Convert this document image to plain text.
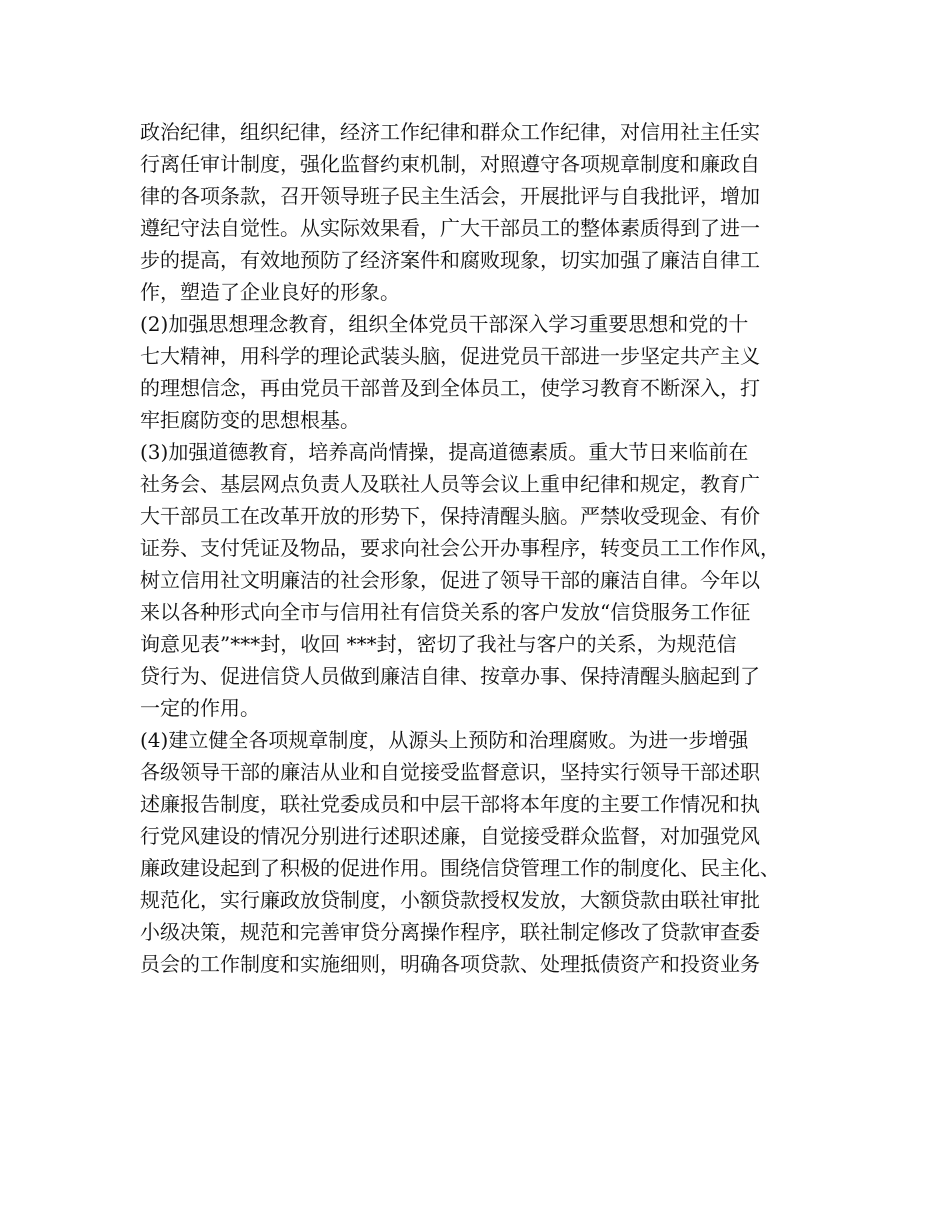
政治纪律，组织纪律，经济工作纪律和群众工作纪律，对信用社主任实
行离任审计制度，强化监督约束机制，对照遵守各项规章制度和廉政自
律的各项条款，召开领导班子民主生活会，开展批评与自我批评，增加
遵纪守法自觉性。从实际效果看，广大干部员工的整体素质得到了进一
步的提高，有效地预防了经济案件和腐败现象，切实加强了廉洁自律工
作，塑造了企业良好的形象。
(2)加强思想理念教育，组织全体党员干部深入学习重要思想和党的十
七大精神，用科学的理论武装头脑，促进党员干部进一步坚定共产主义
的理想信念，再由党员干部普及到全体员工，使学习教育不断深入，打
牢拒腐防变的思想根基。
(3)加强道德教育，培养高尚情操，提高道德素质。重大节日来临前在
社务会、基层网点负责人及联社人员等会议上重申纪律和规定，教育广
大干部员工在改革开放的形势下，保持清醒头脑。严禁收受现金、有价
证券、支付凭证及物品，要求向社会公开办事程序，转变员工工作作风，
树立信用社文明廉洁的社会形象，促进了领导干部的廉洁自律。今年以
来以各种形式向全市与信用社有信贷关系的客户发放“信贷服务工作征
询意见表”***封，收回 ***封，密切了我社与客户的关系，为规范信
贷行为、促进信贷人员做到廉洁自律、按章办事、保持清醒头脑起到了
一定的作用。
(4)建立健全各项规章制度，从源头上预防和治理腐败。为进一步增强
各级领导干部的廉洁从业和自觉接受监督意识，坚持实行领导干部述职
述廉报告制度，联社党委成员和中层干部将本年度的主要工作情况和执
行党风建设的情况分别进行述职述廉，自觉接受群众监督，对加强党风
廉政建设起到了积极的促进作用。围绕信贷管理工作的制度化、民主化、
规范化，实行廉政放贷制度，小额贷款授权发放，大额贷款由联社审批
小级决策，规范和完善审贷分离操作程序，联社制定修改了贷款审查委
员会的工作制度和实施细则，明确各项贷款、处理抵债资产和投资业务
